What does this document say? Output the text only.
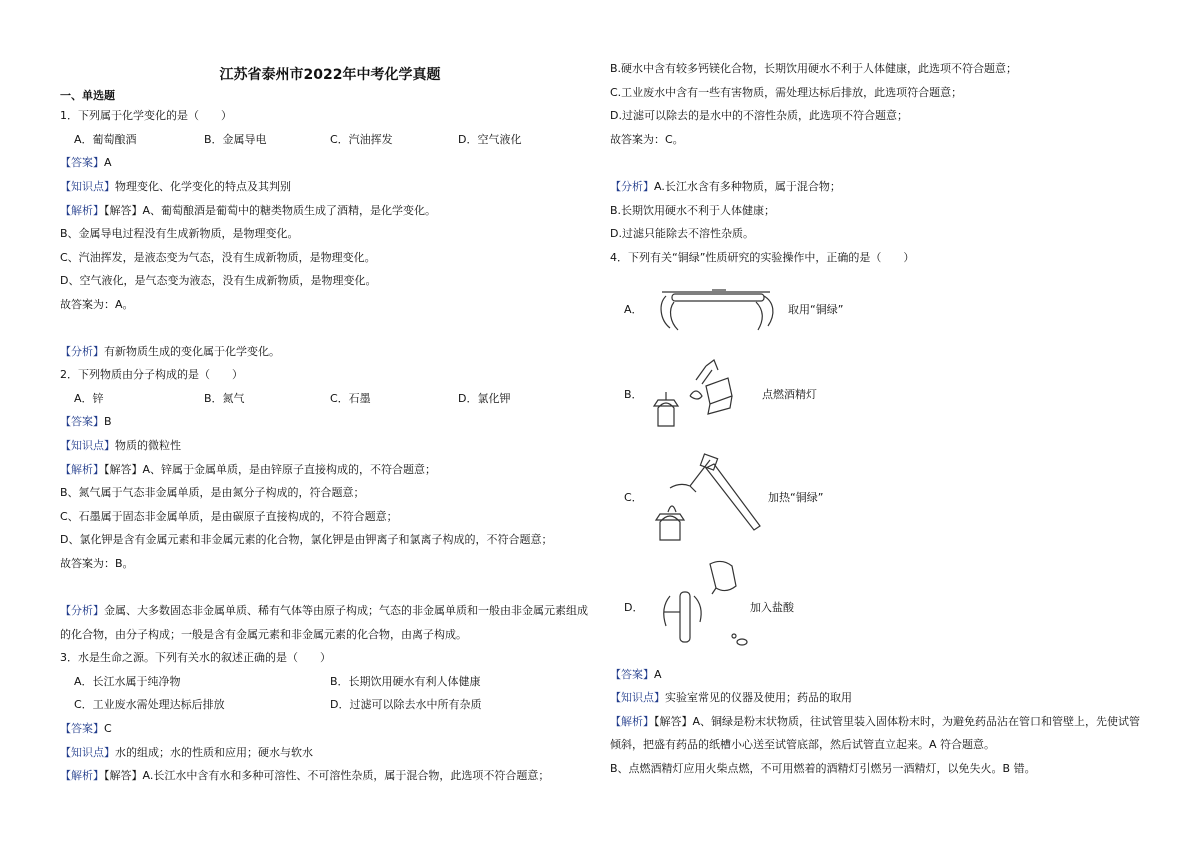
江苏省泰州市2022年中考化学真题
一、单选题
1．下列属于化学变化的是（　　）
A．葡萄酿酒	B．金属导电	C．汽油挥发	D．空气液化
【答案】A
【知识点】物理变化、化学变化的特点及其判别
【解析】【解答】A、葡萄酿酒是葡萄中的糖类物质生成了酒精，是化学变化。
B、金属导电过程没有生成新物质，是物理变化。
C、汽油挥发，是液态变为气态，没有生成新物质，是物理变化。
D、空气液化，是气态变为液态，没有生成新物质，是物理变化。
故答案为：A。
【分析】有新物质生成的变化属于化学变化。
2．下列物质由分子构成的是（　　）
A．锌	B．氮气	C．石墨	D．氯化钾
【答案】B
【知识点】物质的微粒性
【解析】【解答】A、锌属于金属单质，是由锌原子直接构成的，不符合题意；
B、氮气属于气态非金属单质，是由氮分子构成的，符合题意；
C、石墨属于固态非金属单质，是由碳原子直接构成的，不符合题意；
D、氯化钾是含有金属元素和非金属元素的化合物，氯化钾是由钾离子和氯离子构成的，不符合题意；
故答案为：B。
【分析】金属、大多数固态非金属单质、稀有气体等由原子构成；气态的非金属单质和一般由非金属元素组成
的化合物，由分子构成；一般是含有金属元素和非金属元素的化合物，由离子构成。
3．水是生命之源。下列有关水的叙述正确的是（　　）
A．长江水属于纯净物	B．长期饮用硬水有利人体健康
C．工业废水需处理达标后排放	D．过滤可以除去水中所有杂质
【答案】C
【知识点】水的组成；水的性质和应用；硬水与软水
【解析】【解答】A.长江水中含有水和多种可溶性、不可溶性杂质，属于混合物，此选项不符合题意；
B.硬水中含有较多钙镁化合物，长期饮用硬水不利于人体健康，此选项不符合题意；
C.工业废水中含有一些有害物质，需处理达标后排放，此选项符合题意；
D.过滤可以除去的是水中的不溶性杂质，此选项不符合题意；
故答案为：C。
【分析】A.长江水含有多种物质，属于混合物；
B.长期饮用硬水不利于人体健康；
D.过滤只能除去不溶性杂质。
4．下列有关“铜绿”性质研究的实验操作中，正确的是（　　）
A．	取用“铜绿”
B．	点燃酒精灯
C．	加热“铜绿”
D．	加入盐酸
【答案】A
【知识点】实验室常见的仪器及使用；药品的取用
【解析】【解答】A、铜绿是粉末状物质，往试管里装入固体粉末时，为避免药品沾在管口和管壁上，先使试管
倾斜，把盛有药品的纸槽小心送至试管底部，然后试管直立起来。A 符合题意。
B、点燃酒精灯应用火柴点燃，不可用燃着的酒精灯引燃另一酒精灯，以免失火。B 错。
